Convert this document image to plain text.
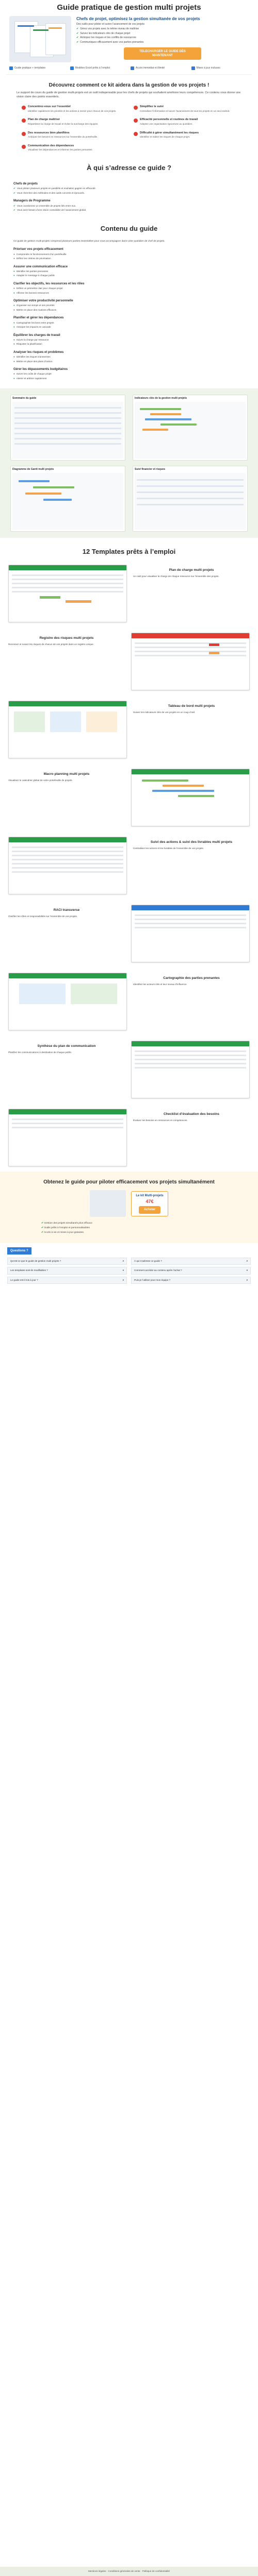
Guide pratique de gestion multi projets
Chefs de projet, optimisez la gestion simultanée de vos projets

Des outils pour piloter et suivre l’avancement de vos projets

✔ Gérez vos projets avec le même niveau de maîtrise
✔ Suivez les indicateurs clés de chaque projet
✔ Anticipez les risques et les conflits de ressources
✔ Communiquez efficacement avec vos parties prenantes
TELECHARGER LE GUIDE DÈS MAINTENANT
Guide pratique + templates	Modèles Excel prêts à l’emploi	Accès immédiat et illimité	Mises à jour incluses
Découvrez comment ce kit aidera dans la gestion de vos projets !

Le support de cours du guide de gestion multi-projets est un outil indispensable pour les chefs de projets qui souhaitent améliorer leurs compétences. Ce contenu vous donne une vision claire des points essentiels.

Concentrez-vous sur l’essentiel

Identifiez rapidement les priorités et les actions à mener pour chacun de vos projets.

Simplifiez le suivi

Centralisez l’information et suivez l’avancement de tous les projets en un seul endroit.

Plan de charge maîtrisé

Répartissez la charge de travail et évitez la surcharge des équipes.

Efficacité personnelle et routines de travail

Adoptez une organisation rigoureuse au quotidien.

Des ressources bien planifiées

Anticipez les besoins en ressources sur l’ensemble du portefeuille.

Difficulté à gérer simultanément les risques

Identifiez et traitez les risques de chaque projet.

Communication des dépendances

Visualisez les dépendances et informez les parties prenantes.

À qui s’adresse ce guide ?
Chefs de projets
✔ Vous pilotez plusieurs projets en parallèle et souhaitez gagner en efficacité.
✔ Vous cherchez des méthodes et des outils concrets et éprouvés.
Managers de Programme
✔ Vous coordonnez un ensemble de projets liés entre eux.
✔ Vous avez besoin d’une vision consolidée de l’avancement global.
Contenu du guide

Ce guide de gestion multi-projets comprend plusieurs parties essentielles pour vous accompagner dans votre quotidien de chef de projets.

Prioriser vos projets efficacement
● Comprendre le fonctionnement d’un portefeuille
● Définir les critères de priorisation
Assurer une communication efficace
● Identifier les parties prenantes
● Adapter le message à chaque public
Clarifier les objectifs, les ressources et les rôles
● Définir un périmètre clair pour chaque projet
● Affecter les bonnes ressources
Optimiser votre productivité personnelle
● Organiser son temps et ses priorités
● Mettre en place des routines efficaces
Planifier et gérer les dépendances
● Cartographier les liens entre projets
● Anticiper les impacts en cascade
Équilibrer les charges de travail
● Suivre la charge par ressource
● Réajuster la planification
Analyser les risques et problèmes
● Identifier les risques transverses
● Mettre en place des plans d’action
Gérer les dépassements budgétaires
● Suivre les coûts de chaque projet
● Alerter et arbitrer rapidement
Sommaire du guide	Indicateurs clés de la gestion multi projets
Diagramme de Gantt multi projets	Suivi financier et risques
12 Templates prêts à l’emploi
Plan de charge multi projets

Un outil pour visualiser la charge de chaque ressource sur l’ensemble des projets.

Registre des risques multi projets

Recensez et suivez les risques de chacun de vos projets dans un registre unique.

Tableau de bord multi projets

Suivez les indicateurs clés de vos projets en un coup d’œil.

Macro planning multi projets

Visualisez le calendrier global de votre portefeuille de projets.

Suivi des actions & suivi des livrables multi projets

Centralisez les actions et les livrables de l’ensemble de vos projets.

RACI transverse

Clarifiez les rôles et responsabilités sur l’ensemble de vos projets.

Cartographie des parties prenantes

Identifiez les acteurs clés et leur niveau d’influence.

Synthèse du plan de communication

Planifiez les communications à destination de chaque public.

Checklist d’évaluation des besoins

Évaluez les besoins en ressources et compétences.

Obtenez le guide pour piloter efficacement vos projets simultanément
Le kit Multi-projets
47€
Acheter
✔ Gestion des projets simultanés plus efficace
✔ Outils prêts à l’emploi et personnalisables
✔ Accès à vie et mises à jour gratuites
Questions ?
Qu’est-ce que le guide de gestion multi projets ?	▾	À qui s’adresse ce guide ?	▾
Les templates sont-ils modifiables ?	▾	Comment accéder au contenu après l’achat ?	▾
Le guide est-il mis à jour ?	▾	Puis-je l’utiliser pour mon équipe ?	▾
Mentions légales · Conditions générales de vente · Politique de confidentialité
